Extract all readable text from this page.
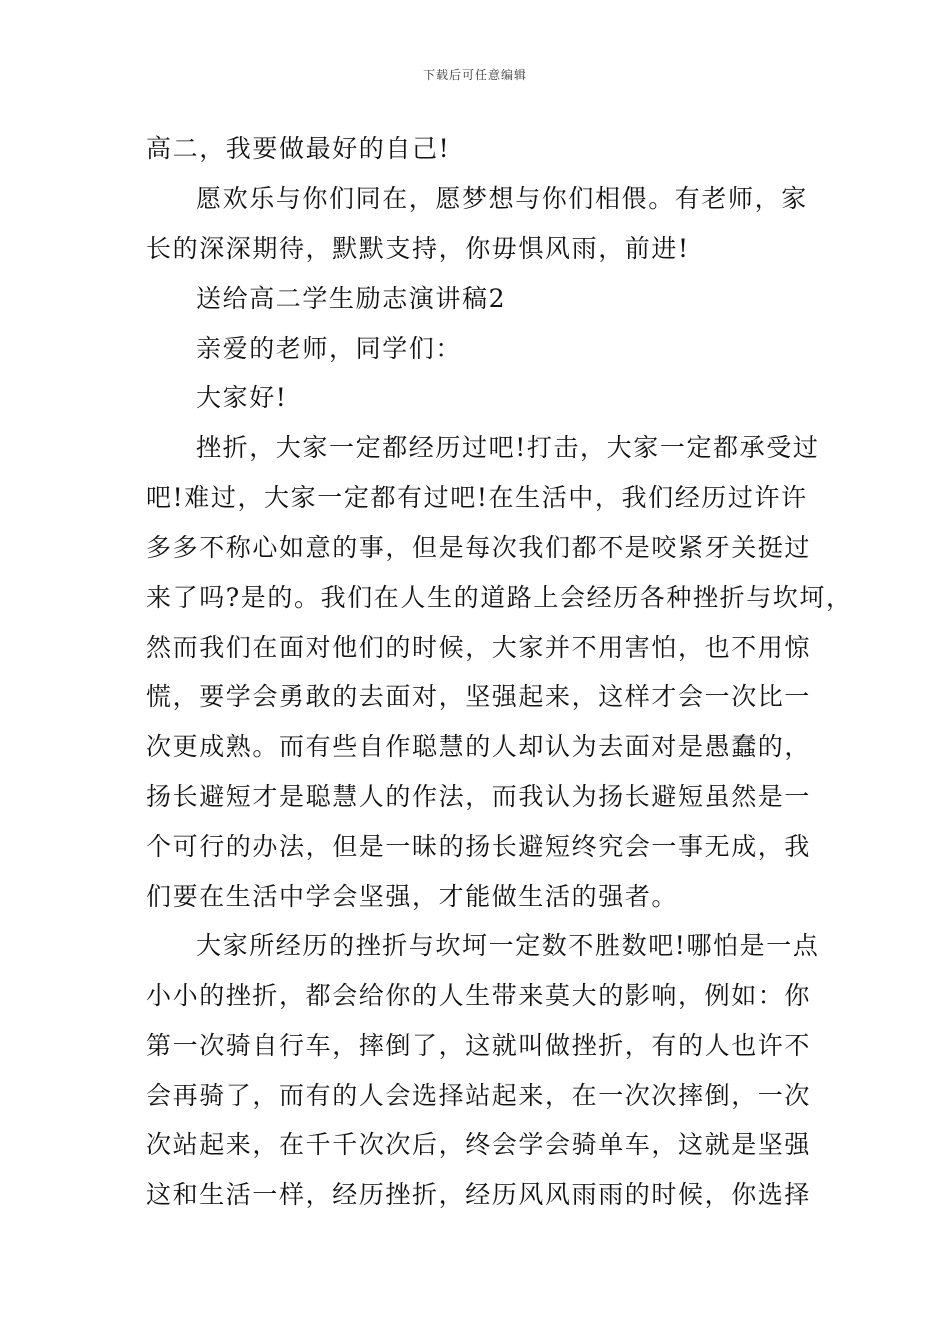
下载后可任意编辑
高二，我要做最好的自己!
愿欢乐与你们同在，愿梦想与你们相偎。有老师，家
长的深深期待，默默支持，你毋惧风雨，前进!
送给高二学生励志演讲稿2
亲爱的老师，同学们：
大家好!
挫折，大家一定都经历过吧!打击，大家一定都承受过
吧!难过，大家一定都有过吧!在生活中，我们经历过许许
多多不称心如意的事，但是每次我们都不是咬紧牙关挺过
来了吗?是的。我们在人生的道路上会经历各种挫折与坎坷，
然而我们在面对他们的时候，大家并不用害怕，也不用惊
慌，要学会勇敢的去面对，坚强起来，这样才会一次比一
次更成熟。而有些自作聪慧的人却认为去面对是愚蠢的，
扬长避短才是聪慧人的作法，而我认为扬长避短虽然是一
个可行的办法，但是一昧的扬长避短终究会一事无成，我
们要在生活中学会坚强，才能做生活的强者。
大家所经历的挫折与坎坷一定数不胜数吧!哪怕是一点
小小的挫折，都会给你的人生带来莫大的影响，例如：你
第一次骑自行车，摔倒了，这就叫做挫折，有的人也许不
会再骑了，而有的人会选择站起来，在一次次摔倒，一次
次站起来，在千千次次后，终会学会骑单车，这就是坚强
这和生活一样，经历挫折，经历风风雨雨的时候，你选择
